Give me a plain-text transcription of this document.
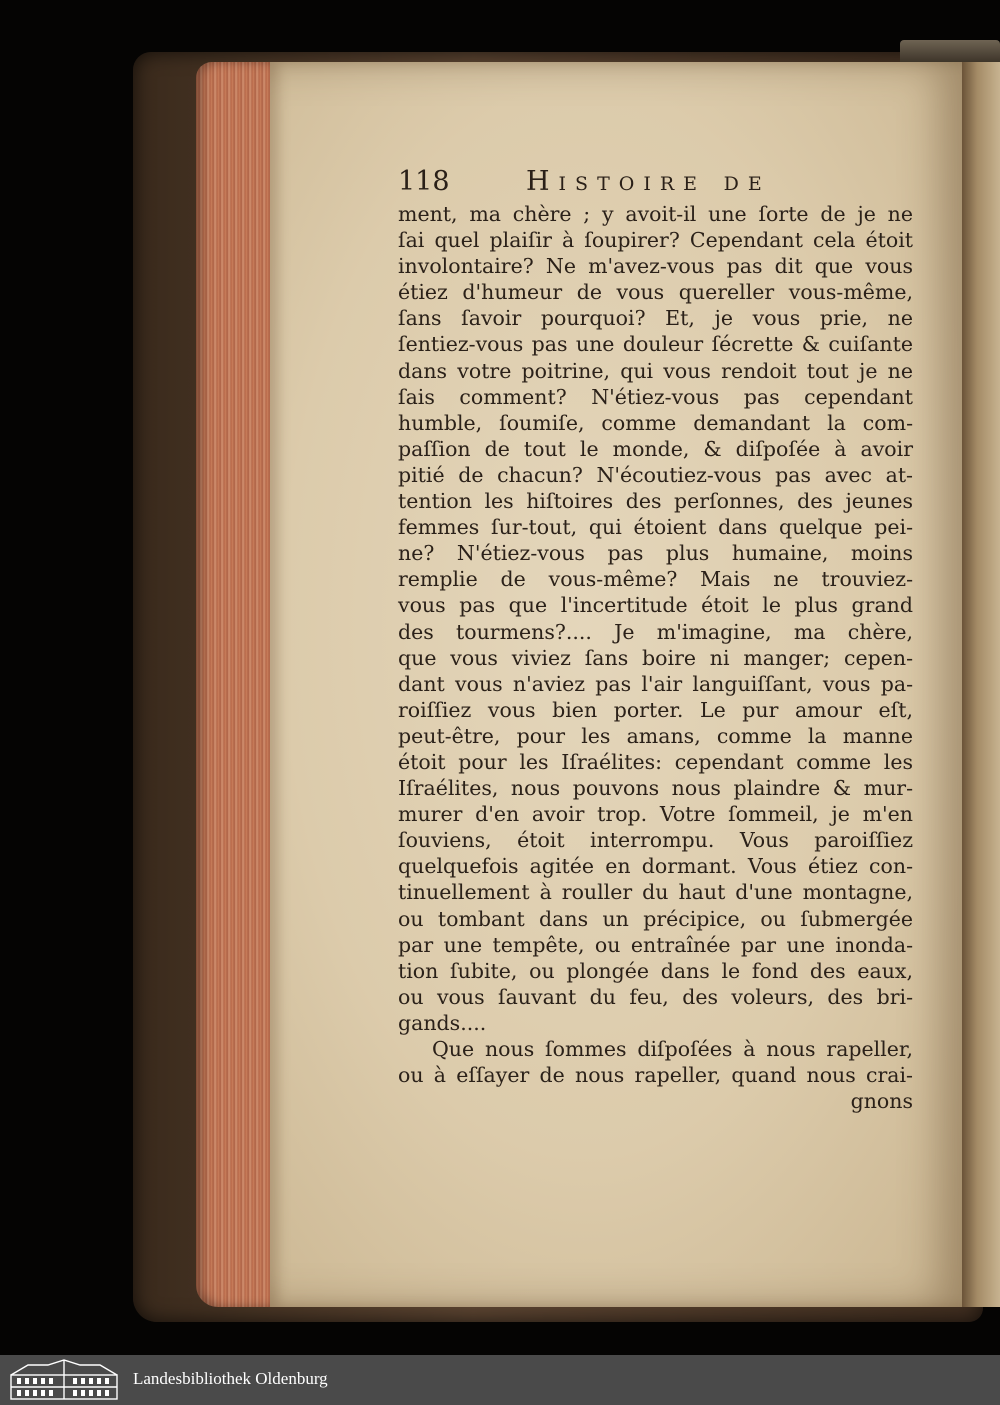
118	Histoire de
ment, ma chère ; y avoit-il une ſorte de je ne
ſai quel plaiſir à ſoupirer? Cependant cela étoit
involontaire? Ne m'avez-vous pas dit que vous
étiez d'humeur de vous quereller vous-même,
ſans ſavoir pourquoi? Et, je vous prie, ne
ſentiez-vous pas une douleur ſécrette & cuiſante
dans votre poitrine, qui vous rendoit tout je ne
ſais comment? N'étiez-vous pas cependant
humble, ſoumiſe, comme demandant la com-
paſſion de tout le monde, & diſpoſée à avoir
pitié de chacun? N'écoutiez-vous pas avec at-
tention les hiſtoires des perſonnes, des jeunes
femmes ſur-tout, qui étoient dans quelque pei-
ne? N'étiez-vous pas plus humaine, moins
remplie de vous-même? Mais ne trouviez-
vous pas que l'incertitude étoit le plus grand
des tourmens?.... Je m'imagine, ma chère,
que vous viviez ſans boire ni manger; cepen-
dant vous n'aviez pas l'air languiſſant, vous pa-
roiſſiez vous bien porter. Le pur amour eſt,
peut-être, pour les amans, comme la manne
étoit pour les Iſraélites: cependant comme les
Iſraélites, nous pouvons nous plaindre & mur-
murer d'en avoir trop. Votre ſommeil, je m'en
ſouviens, étoit interrompu. Vous paroiſſiez
quelquefois agitée en dormant. Vous étiez con-
tinuellement à rouller du haut d'une montagne,
ou tombant dans un précipice, ou ſubmergée
par une tempête, ou entraînée par une inonda-
tion ſubite, ou plongée dans le fond des eaux,
ou vous ſauvant du feu, des voleurs, des bri-
gands....
Que nous ſommes diſpoſées à nous rapeller,
ou à eſſayer de nous rapeller, quand nous crai-
gnons
Landesbibliothek Oldenburg
